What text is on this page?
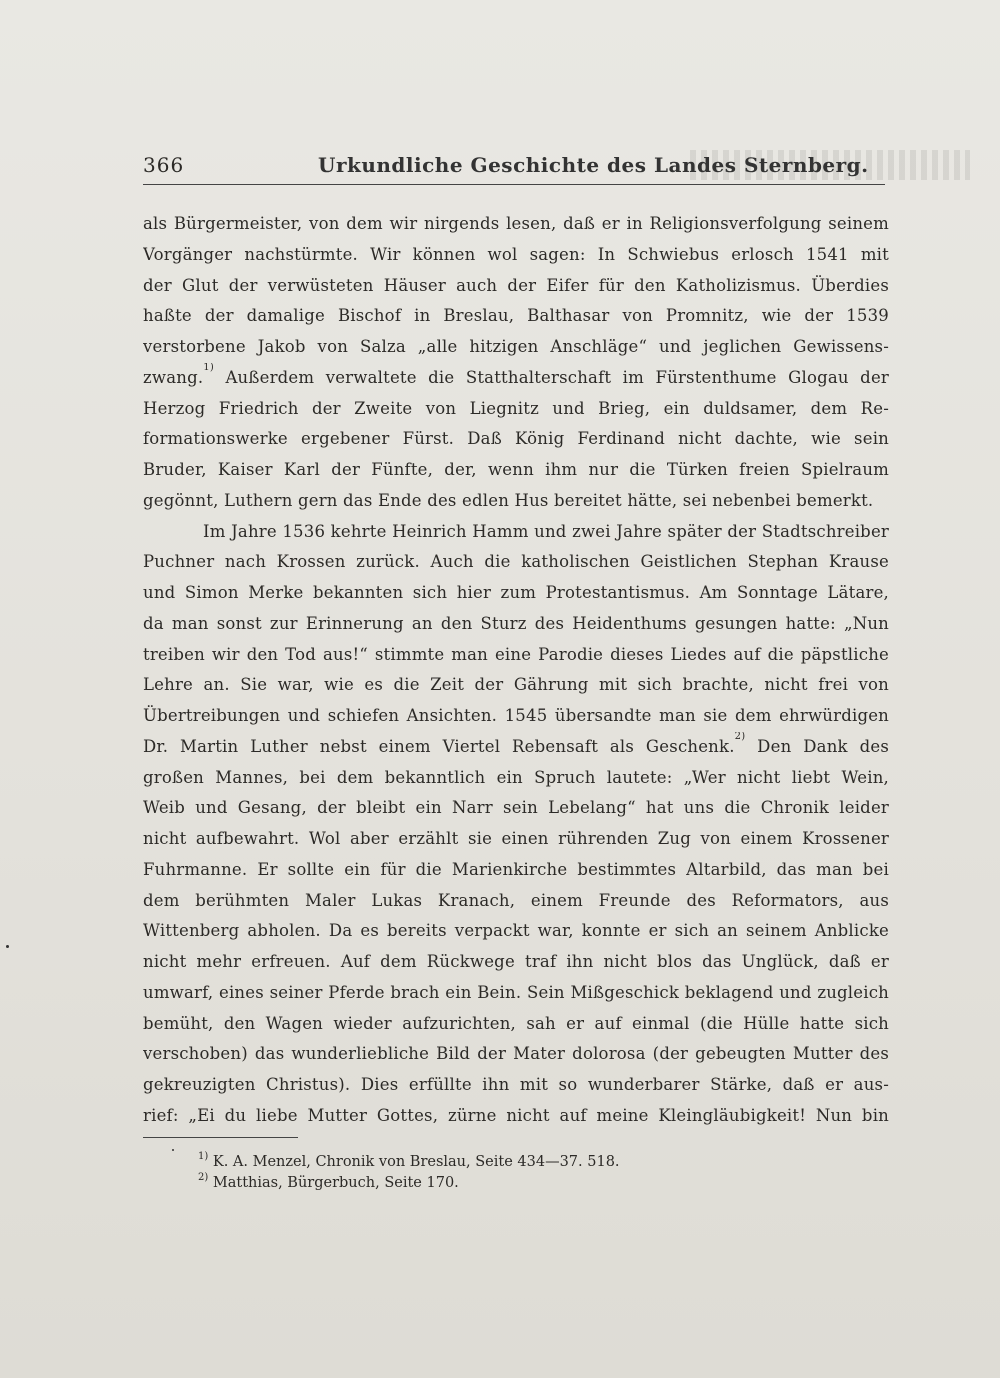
366	Urkundliche Geschichte des Landes Sternberg.
als Bürgermeister, von dem wir nirgends lesen, daß er in Religionsverfolgung seinem
Vorgänger nachstürmte. Wir können wol sagen: In Schwiebus erlosch 1541 mit
der Glut der verwüsteten Häuser auch der Eifer für den Katholizismus. Überdies
haßte der damalige Bischof in Breslau, Balthasar von Promnitz, wie der 1539
verstorbene Jakob von Salza „alle hitzigen Anschläge“ und jeglichen Gewissens-
zwang.$^{1)}$ Außerdem verwaltete die Statthalterschaft im Fürstenthume Glogau der
Herzog Friedrich der Zweite von Liegnitz und Brieg, ein duldsamer, dem Re-
formationswerke ergebener Fürst. Daß König Ferdinand nicht dachte, wie sein
Bruder, Kaiser Karl der Fünfte, der, wenn ihm nur die Türken freien Spielraum
gegönnt, Luthern gern das Ende des edlen Hus bereitet hätte, sei nebenbei bemerkt.
Im Jahre 1536 kehrte Heinrich Hamm und zwei Jahre später der Stadtschreiber
Puchner nach Krossen zurück. Auch die katholischen Geistlichen Stephan Krause
und Simon Merke bekannten sich hier zum Protestantismus. Am Sonntage Lätare,
da man sonst zur Erinnerung an den Sturz des Heidenthums gesungen hatte: „Nun
treiben wir den Tod aus!“ stimmte man eine Parodie dieses Liedes auf die päpstliche
Lehre an. Sie war, wie es die Zeit der Gährung mit sich brachte, nicht frei von
Übertreibungen und schiefen Ansichten. 1545 übersandte man sie dem ehrwürdigen
Dr. Martin Luther nebst einem Viertel Rebensaft als Geschenk.$^{2)}$ Den Dank des
großen Mannes, bei dem bekanntlich ein Spruch lautete: „Wer nicht liebt Wein,
Weib und Gesang, der bleibt ein Narr sein Lebelang“ hat uns die Chronik leider
nicht aufbewahrt. Wol aber erzählt sie einen rührenden Zug von einem Krossener
Fuhrmanne. Er sollte ein für die Marienkirche bestimmtes Altarbild, das man bei
dem berühmten Maler Lukas Kranach, einem Freunde des Reformators, aus
Wittenberg abholen. Da es bereits verpackt war, konnte er sich an seinem Anblicke
nicht mehr erfreuen. Auf dem Rückwege traf ihn nicht blos das Unglück, daß er
umwarf, eines seiner Pferde brach ein Bein. Sein Mißgeschick beklagend und zugleich
bemüht, den Wagen wieder aufzurichten, sah er auf einmal (die Hülle hatte sich
verschoben) das wunderliebliche Bild der Mater dolorosa (der gebeugten Mutter des
gekreuzigten Christus). Dies erfüllte ihn mit so wunderbarer Stärke, daß er aus-
rief: „Ei du liebe Mutter Gottes, zürne nicht auf meine Kleingläubigkeit! Nun bin
$^{1)}$ K. A. Menzel, Chronik von Breslau, Seite 434—37. 518.
$^{2)}$ Matthias, Bürgerbuch, Seite 170.
